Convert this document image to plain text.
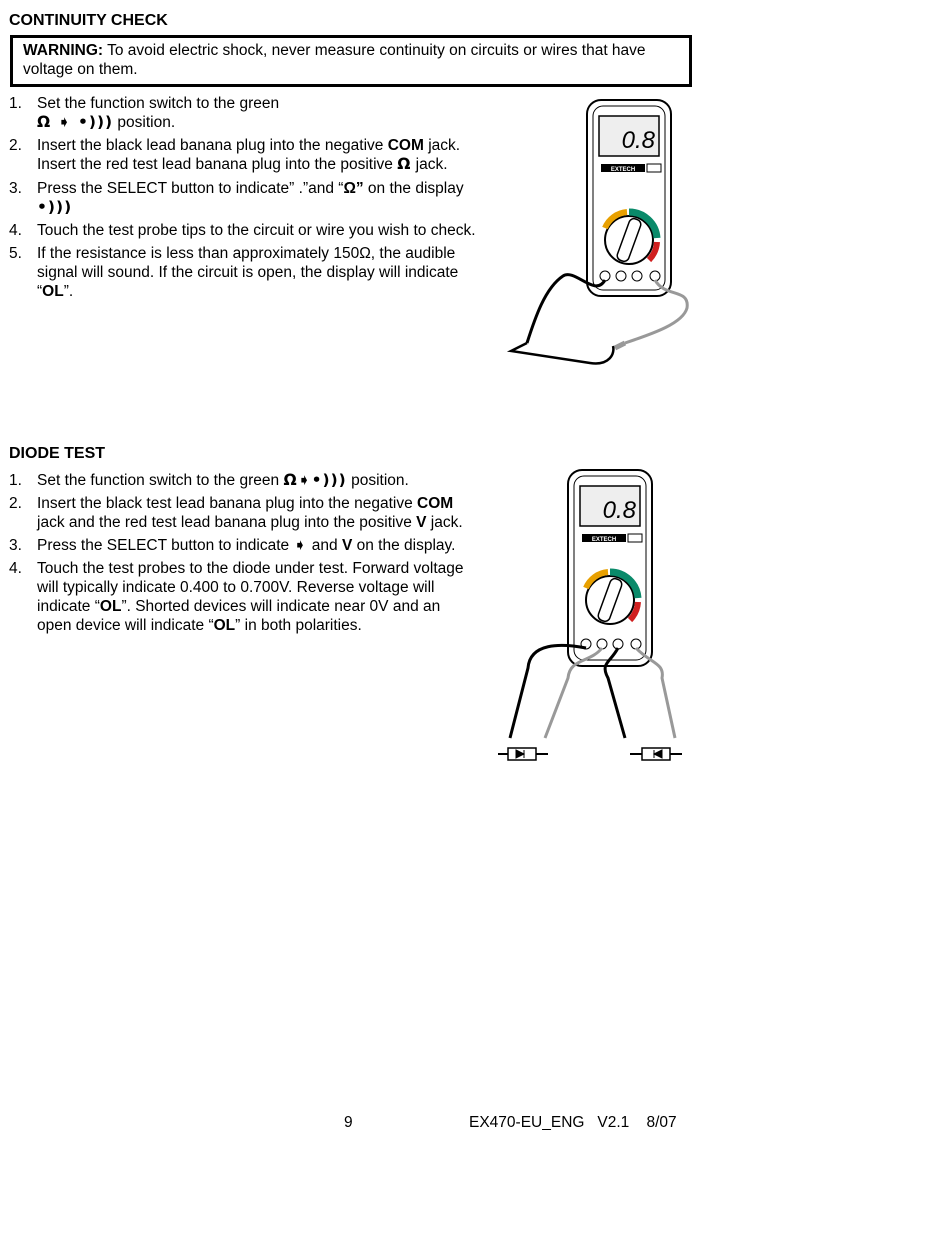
CONTINUITY CHECK
WARNING: To avoid electric shock, never measure continuity on circuits or wires that have voltage on them.
1. Set the function switch to the green
Ω ➧ •))) position.
2. Insert the black lead banana plug into the negative COM jack. Insert the red test lead banana plug into the positive Ω jack.
3. Press the SELECT button to indicate” .”and “Ω” on the display •)))
4. Touch the test probe tips to the circuit or wire you wish to check.
5. If the resistance is less than approximately 150Ω, the audible signal will sound. If the circuit is open, the display will indicate “OL”.
0.8
EXTECH
DIODE TEST
1. Set the function switch to the green Ω➧•))) position.
2. Insert the black test lead banana plug into the negative COM jack and the red test lead banana plug into the positive V jack.
3. Press the SELECT button to indicate ➧ and V on the display.
4. Touch the test probes to the diode under test. Forward voltage will typically indicate 0.400 to 0.700V. Reverse voltage will indicate “OL”. Shorted devices will indicate near 0V and an open device will indicate “OL” in both polarities.
0.8
EXTECH
9	EX470-EU_ENG   V2.1    8/07
